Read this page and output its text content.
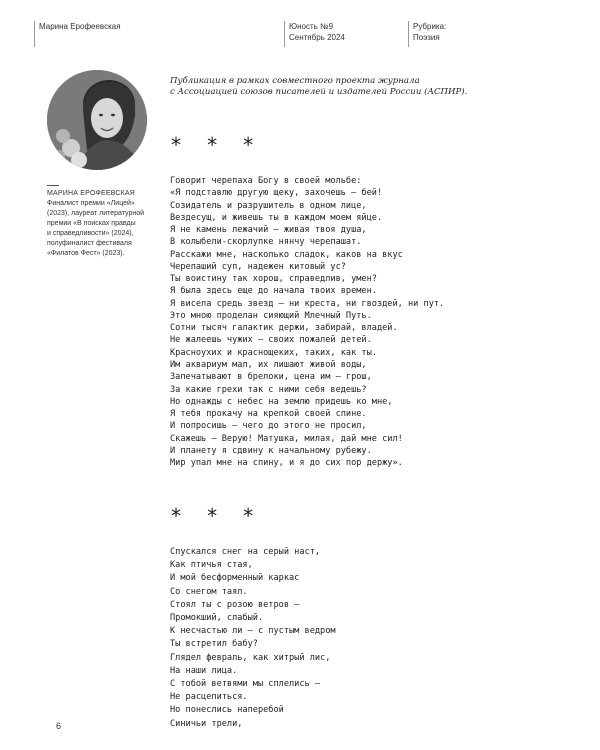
Марина Ерофеевская	Юность №9
Сентябрь 2024
Рубрика:
Поэзия
МАРИНА ЕРОФЕЕВСКАЯ
Финалист премии «Лицей»
(2023), лауреат литературной
премии «В поисках правды
и справедливости» (2024),
полуфиналист фестиваля
«Филатов Фест» (2023).
Публикация в рамках совместного проекта журнала
с Ассоциацией союзов писателей и издателей России (АСПИР).
* * *
Говорит черепаха Богу в своей мольбе:
«Я подставлю другую щеку, захочешь – бей!
Созидатель и разрушитель в одном лице,
Вездесущ, и живешь ты в каждом моем яйце.
Я не камень лежачий – живая твоя душа,
В колыбели-скорлупке нянчу черепашат.
Расскажи мне, насколько сладок, каков на вкус
Черепаший суп, надежен китовый ус?
Ты воистину так хорош, справедлив, умен?
Я была здесь еще до начала твоих времен.
Я висела средь звезд – ни креста, ни гвоздей, ни пут.
Это мною проделан сияющий Млечный Путь.
Сотни тысяч галактик держи, забирай, владей.
Не жалеешь чужих – своих пожалей детей.
Красноухих и краснощеких, таких, как ты.
Им аквариум мал, их лишают живой воды,
Запечатывают в брелоки, цена им – грош,
За какие грехи так с ними себя ведешь?
Но однажды с небес на землю придешь ко мне,
Я тебя прокачу на крепкой своей спине.
И попросишь – чего до этого не просил,
Скажешь – Верую! Матушка, милая, дай мне сил!
И планету я сдвину к начальному рубежу.
Мир упал мне на спину, и я до сих пор держу».
* * *
Спускался снег на серый наст,
Как птичья стая,
И мой бесформенный каркас
Со снегом таял.
Стоял ты с розою ветров –
Промокший, слабый.
К несчастью ли – с пустым ведром
Ты встретил бабу?
Глядел февраль, как хитрый лис,
На наши лица.
С тобой ветвями мы сплелись –
Не расцепиться.
Но понеслись наперебой
Синичьи трели,
6
